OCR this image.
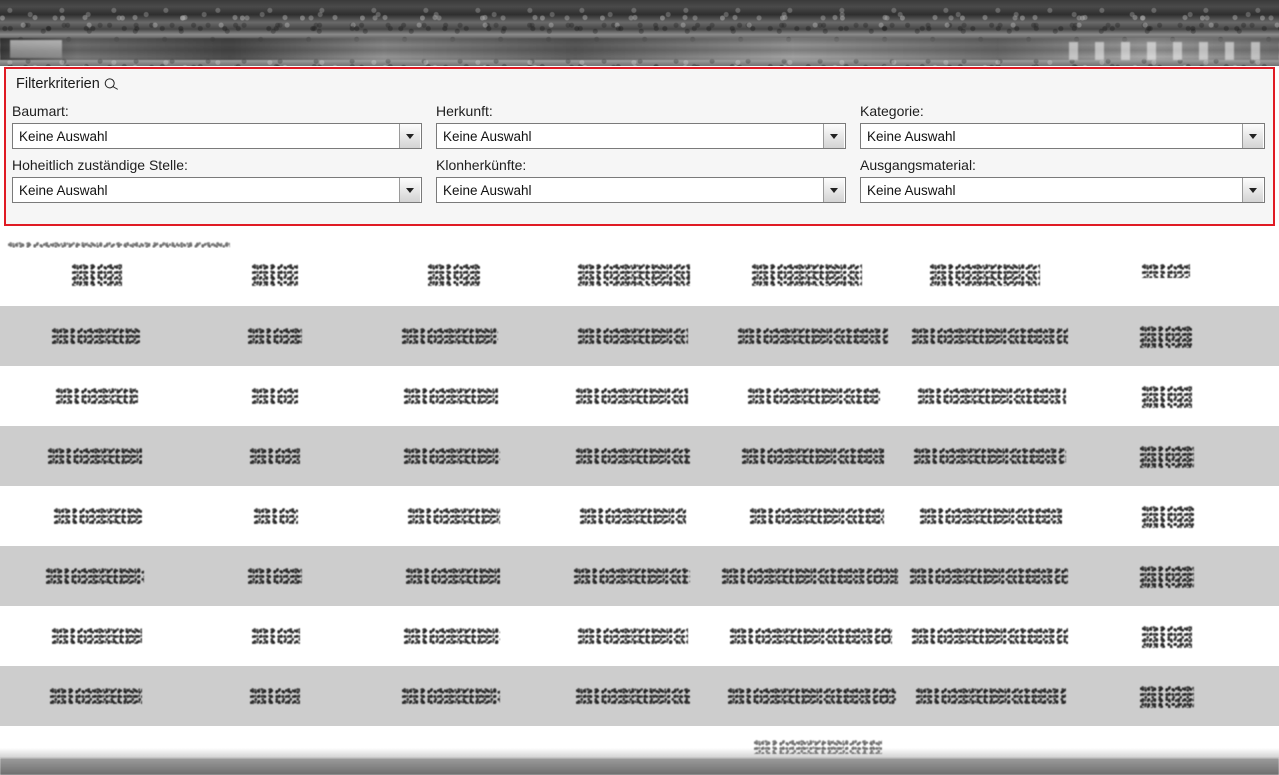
Filterkriterien
Baumart:
Keine Auswahl
Herkunft:
Keine Auswahl
Kategorie:
Keine Auswahl
Hoheitlich zuständige Stelle:
Keine Auswahl
Klonherkünfte:
Keine Auswahl
Ausgangsmaterial:
Keine Auswahl
